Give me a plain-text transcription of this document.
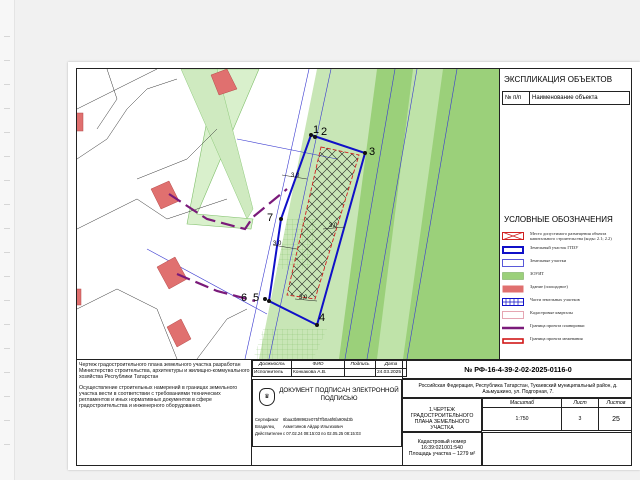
1 2
3
4
5
6
7
3,0
3,0
3,0
3,0
ЭКСПЛИКАЦИЯ ОБЪЕКТОВ
№ п/п	Наименование объекта
УСЛОВНЫЕ ОБОЗНАЧЕНИЯ
Место допустимого размещения объекта капитального строительства (коды: 2.1; 2.2)
Земельный участок ГПЗУ
Земельные участки
ЗОУИТ
Здание (площадное)
Части земельных участков
Кадастровые кварталы
Граница проекта планировки
Граница проекта межевания

Чертеж градостроительного плана земельного участка разработан

Министерство строительства, архитектуры и жилищно-коммунального хозяйства Республики Татарстан

Осуществление строительных намерений в границах земельного участка вести в соответствии с требованиями технических регламентов и иных нормативных документов в сфере градостроительства и инженерного оборудования.

Должность	ФИО	Подпись	Дата
Исполнитель	Конкакова А.В.		24.03.2025
♛
ДОКУМЕНТ ПОДПИСАН ЭЛЕКТРОННОЙ ПОДПИСЬЮ
Сертификат 6baa3b98962e075f7fb0a6f6fa909d3b
Владелец Ахметзянов Айдар Ильгизович
Действителенс 07.02.24 08:15:03 по 02.05.25 08:15:03
№ РФ-16-4-39-2-02-2025-0116-0
Российская Федерация, Республика Татарстан, Тукаевский муниципальный район, д. Азьмушкино, ул. Подгорная, 7.
1.ЧЕРТЕЖ ГРАДОСТРОИТЕЛЬНОГО ПЛАНА ЗЕМЕЛЬНОГО УЧАСТКА
Масштаб	Лист	Листов
1:750	3	25
Кадастровый номер 16:39:021001:540
Площадь участка – 1279 м²
